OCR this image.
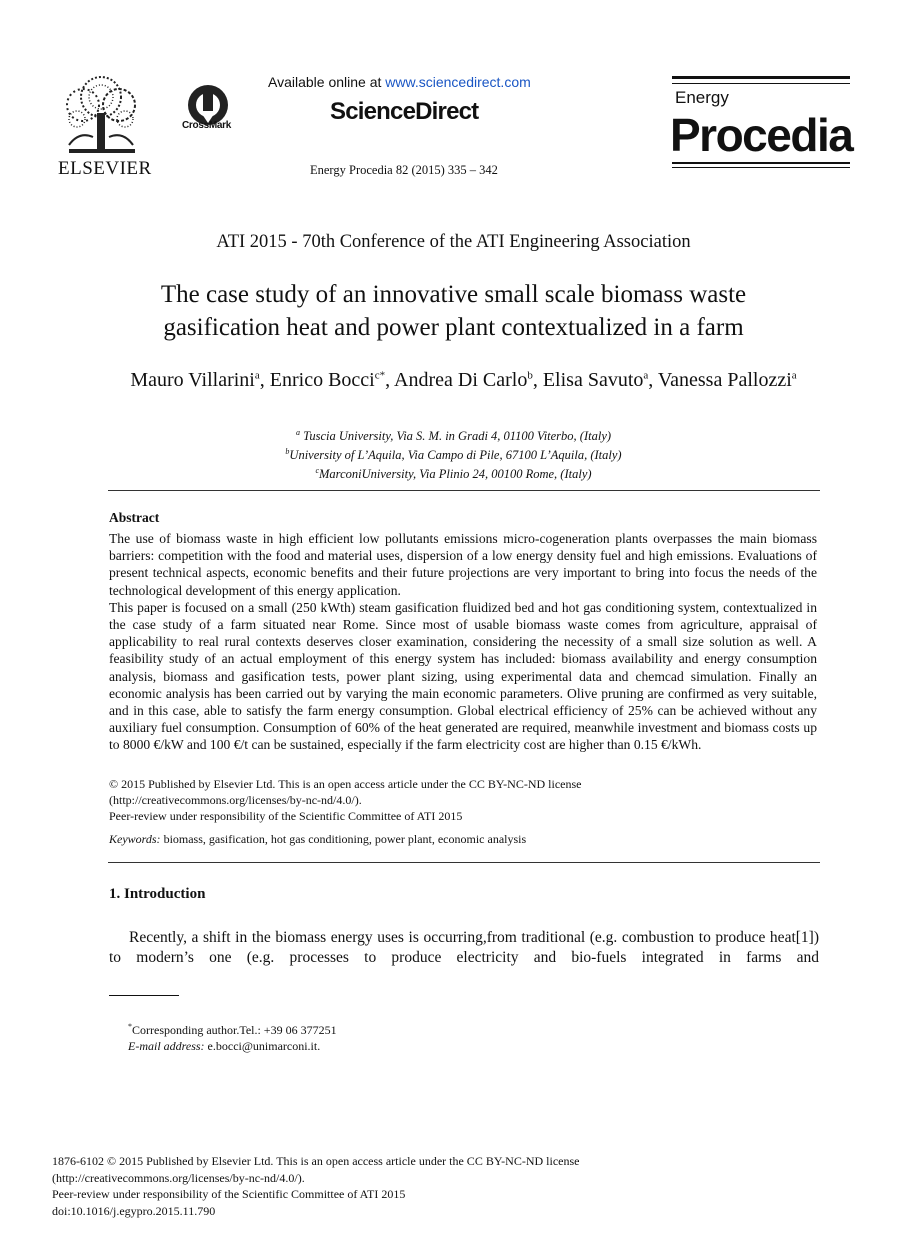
ELSEVIER
CrossMark
Available online at www.sciencedirect.com
ScienceDirect
Energy Procedia 82 (2015) 335 – 342
Energy
Procedia
ATI 2015 - 70th Conference of the ATI Engineering Association
The case study of an innovative small scale biomass waste
gasification heat and power plant contextualized in a farm
Mauro Villarini$^a$, Enrico Bocci$^{c*}$, Andrea Di Carlo$^b$, Elisa Savuto$^a$, Vanessa Pallozzi$^a$
$^a$ Tuscia University, Via S. M. in Gradi 4, 01100 Viterbo, (Italy)
$^b$University of L’Aquila, Via Campo di Pile, 67100 L’Aquila, (Italy)
$^c$MarconiUniversity, Via Plinio 24, 00100 Rome, (Italy)
Abstract

The use of biomass waste in high efficient low pollutants emissions micro-cogeneration plants overpasses the main biomass barriers: competition with the food and material uses, dispersion of a low energy density fuel and high emissions. Evaluations of present technical aspects, economic benefits and their future projections are very important to bring into focus the needs of the technological development of this energy application.

This paper is focused on a small (250 kWth) steam gasification fluidized bed and hot gas conditioning system, contextualized in the case study of a farm situated near Rome. Since most of usable biomass waste comes from agriculture, appraisal of applicability to real rural contexts deserves closer examination, considering the necessity of a small size solution as well. A feasibility study of an actual employment of this energy system has included: biomass availability and energy consumption analysis, biomass and gasification tests, power plant sizing, using experimental data and chemcad simulation. Finally an economic analysis has been carried out by varying the main economic parameters. Olive pruning are confirmed as very suitable, and in this case, able to satisfy the farm energy consumption. Global electrical efficiency of 25% can be achieved without any auxiliary fuel consumption. Consumption of 60% of the heat generated are required, meanwhile investment and biomass costs up to 8000 €/kW and 100 €/t can be sustained, especially if the farm electricity cost are higher than 0.15 €/kWh.

© 2015 Published by Elsevier Ltd. This is an open access article under the CC BY-NC-ND license
(http://creativecommons.org/licenses/by-nc-nd/4.0/).
Peer-review under responsibility of the Scientific Committee of ATI 2015
Keywords: biomass, gasification, hot gas conditioning, power plant, economic analysis
1. Introduction
Recently, a shift in the biomass energy uses is occurring,from traditional (e.g. combustion to produce heat[1]) to modern’s one (e.g. processes to produce electricity and bio-fuels integrated in farms and
*Corresponding author.Tel.: +39 06 377251
E-mail address: e.bocci@unimarconi.it.
1876-6102 © 2015 Published by Elsevier Ltd. This is an open access article under the CC BY-NC-ND license
(http://creativecommons.org/licenses/by-nc-nd/4.0/).
Peer-review under responsibility of the Scientific Committee of ATI 2015
doi:10.1016/j.egypro.2015.11.790
